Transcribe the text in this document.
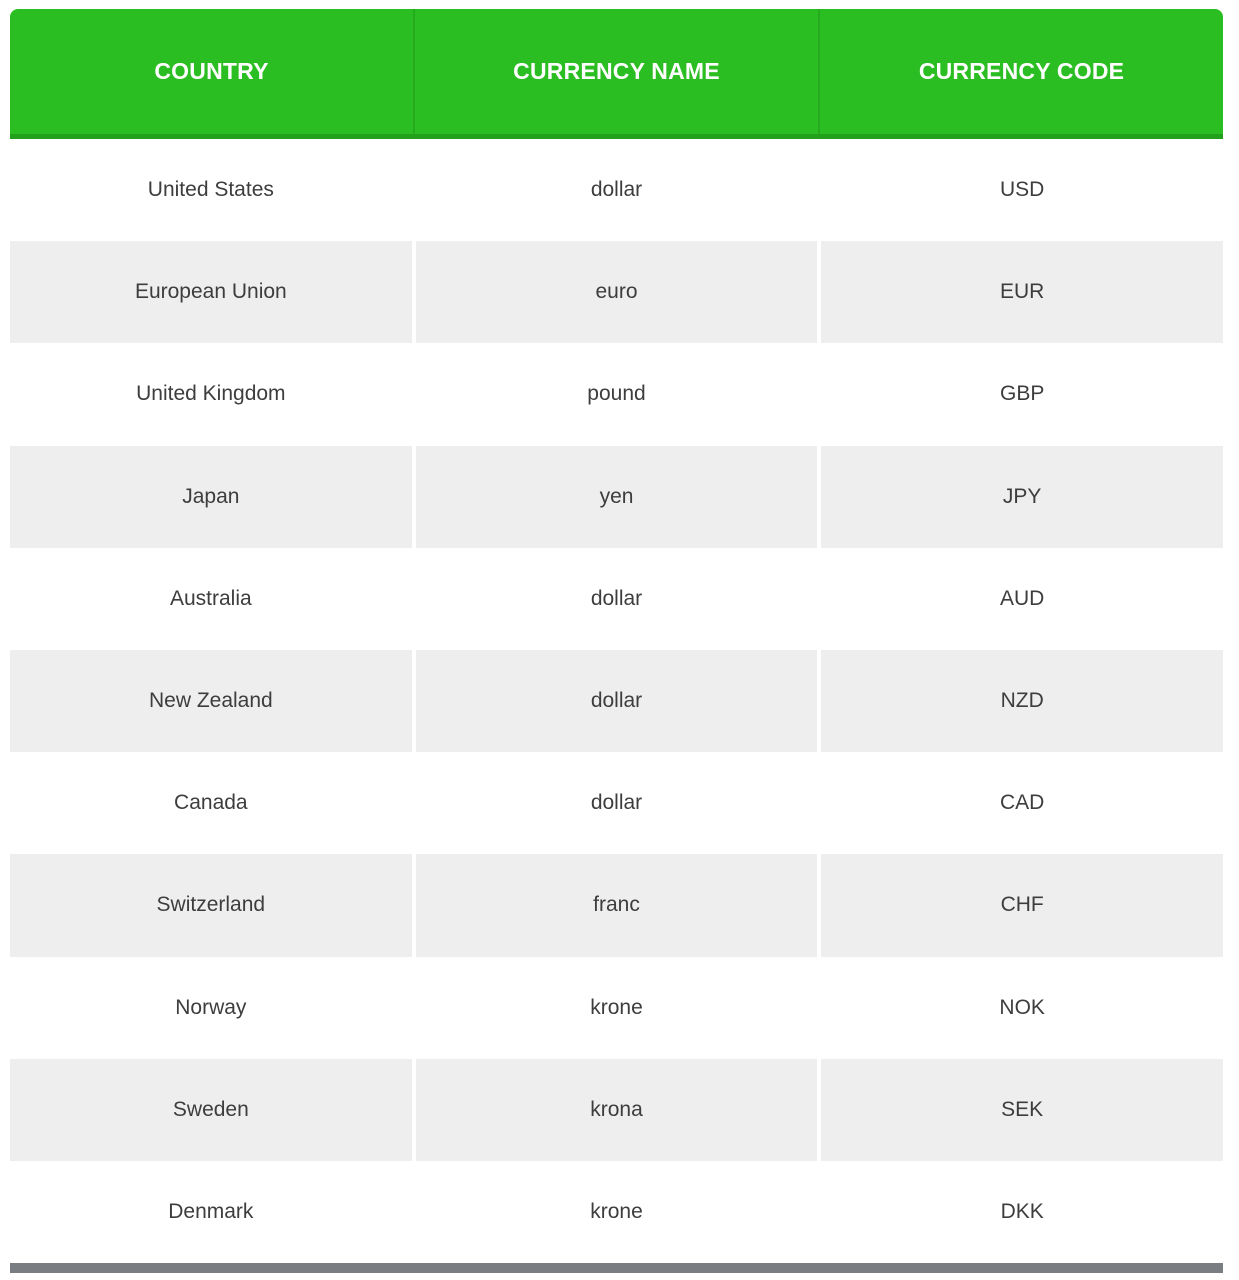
COUNTRY	CURRENCY NAME	CURRENCY CODE
United States	dollar	USD
European Union	euro	EUR
United Kingdom	pound	GBP
Japan	yen	JPY
Australia	dollar	AUD
New Zealand	dollar	NZD
Canada	dollar	CAD
Switzerland	franc	CHF
Norway	krone	NOK
Sweden	krona	SEK
Denmark	krone	DKK
